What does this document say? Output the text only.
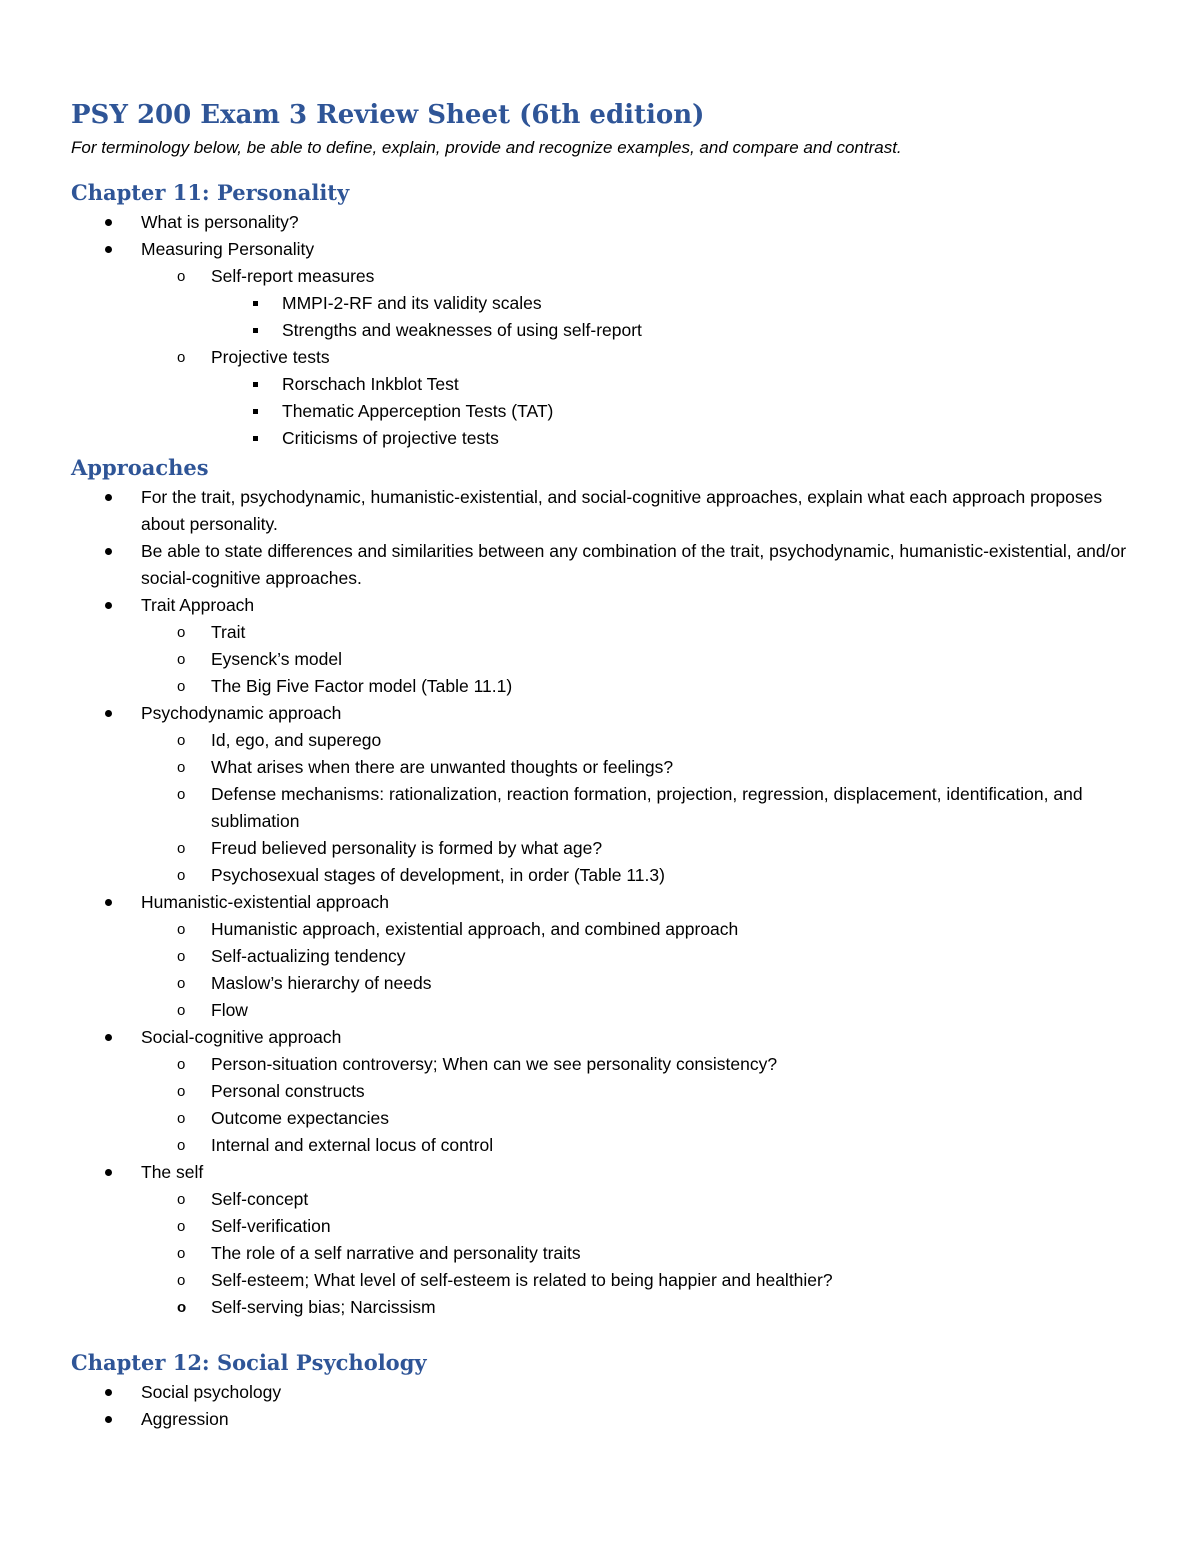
PSY 200 Exam 3 Review Sheet (6th edition)

For terminology below, be able to define, explain, provide and recognize examples, and compare and contrast.

Chapter 11: Personality
What is personality?
Measuring Personality
o Self-report measures
MMPI-2-RF and its validity scales
Strengths and weaknesses of using self-report
o Projective tests
Rorschach Inkblot Test
Thematic Apperception Tests (TAT)
Criticisms of projective tests
Approaches
For the trait, psychodynamic, humanistic-existential, and social-cognitive approaches, explain what each approach proposes about personality.
Be able to state differences and similarities between any combination of the trait, psychodynamic, humanistic-existential, and/or social-cognitive approaches.
Trait Approach
o Trait
o Eysenck’s model
o The Big Five Factor model (Table 11.1)
Psychodynamic approach
o Id, ego, and superego
o What arises when there are unwanted thoughts or feelings?
o Defense mechanisms: rationalization, reaction formation, projection, regression, displacement, identification, and sublimation
o Freud believed personality is formed by what age?
o Psychosexual stages of development, in order (Table 11.3)
Humanistic-existential approach
o Humanistic approach, existential approach, and combined approach
o Self-actualizing tendency
o Maslow’s hierarchy of needs
o Flow
Social-cognitive approach
o Person-situation controversy; When can we see personality consistency?
o Personal constructs
o Outcome expectancies
o Internal and external locus of control
The self
o Self-concept
o Self-verification
o The role of a self narrative and personality traits
o Self-esteem; What level of self-esteem is related to being happier and healthier?
o Self-serving bias; Narcissism
Chapter 12: Social Psychology
Social psychology
Aggression
